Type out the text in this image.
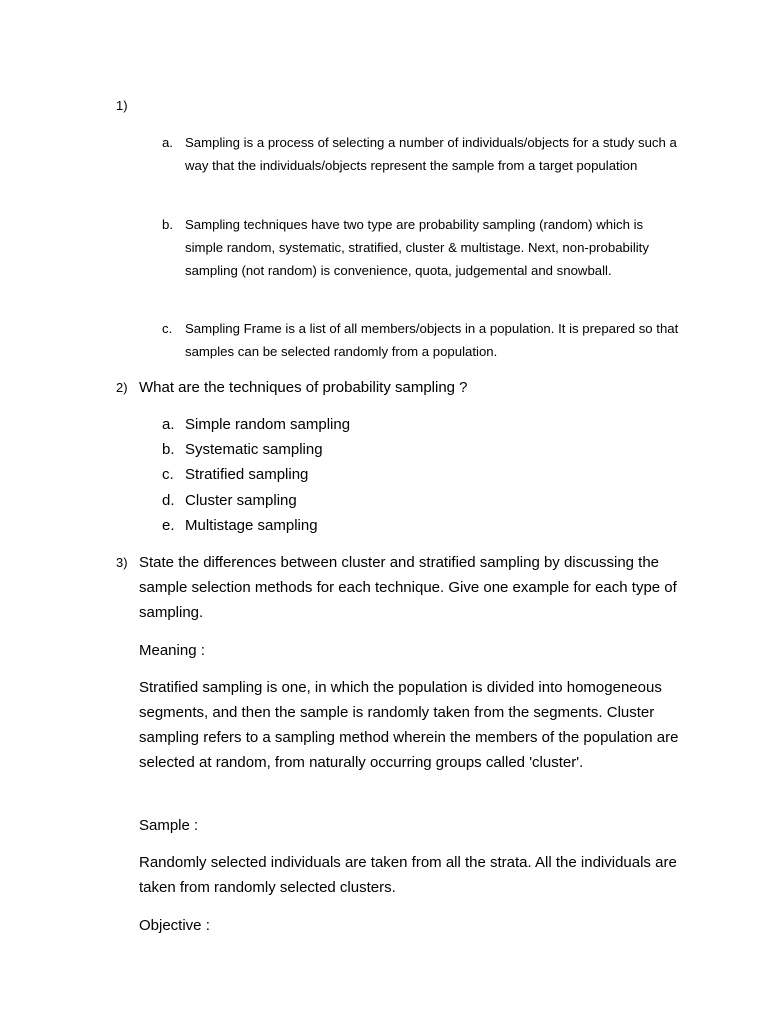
1)
a. Sampling is a process of selecting a number of individuals/objects for a study such a way that the individuals/objects represent the sample from a target population
b. Sampling techniques have two type are probability sampling (random) which is simple random, systematic, stratified, cluster & multistage. Next, non-probability sampling (not random) is convenience, quota, judgemental and snowball.
c. Sampling Frame is a list of all members/objects in a population. It is prepared so that samples can be selected randomly from a population.
2) What are the techniques of probability sampling ?
a. Simple random sampling
b. Systematic sampling
c. Stratified sampling
d. Cluster sampling
e. Multistage sampling
3) State the differences between cluster and stratified sampling by discussing the sample selection methods for each technique. Give one example for each type of sampling.
Meaning :
Stratified sampling is one, in which the population is divided into homogeneous segments, and then the sample is randomly taken from the segments. Cluster sampling refers to a sampling method wherein the members of the population are selected at random, from naturally occurring groups called 'cluster'.
Sample :
Randomly selected individuals are taken from all the strata. All the individuals are taken from randomly selected clusters.
Objective :
